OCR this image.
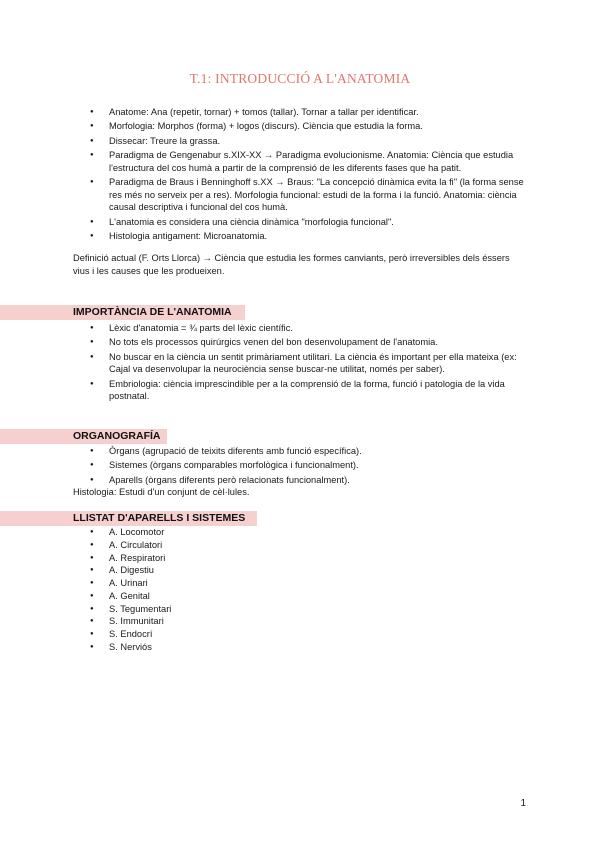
T.1: INTRODUCCIÓ A L'ANATOMIA
● Anatome: Ana (repetir, tornar) + tomos (tallar). Tornar a tallar per identificar.
● Morfologia: Morphos (forma) + logos (discurs). Ciència que estudia la forma.
● Dissecar: Treure la grassa.
● Paradigma de Gengenabur s.XIX-XX → Paradigma evolucionisme. Anatomia: Ciència que estudia l'estructura del cos humà a partir de la comprensió de les diferents fases que ha patit.
● Paradigma de Braus i Benninghoff s.XX → Braus: "La concepció dinàmica evita la fi" (la forma sense res més no serveix per a res). Morfologia funcional: estudi de la forma i la funció. Anatomia: ciència causal descriptiva i funcional del cos humà.
● L'anatomia es considera una ciència dinàmica "morfologia funcional".
● Histologia antigament: Microanatomia.
Definició actual (F. Orts Llorca) → Ciència que estudia les formes canviants, però irreversibles dels éssers vius i les causes que les produeixen.
IMPORTÀNCIA DE L'ANATOMIA
● Lèxic d'anatomia = ¾ parts del lèxic científic.
● No tots els processos quirúrgics venen del bon desenvolupament de l'anatomia.
● No buscar en la ciència un sentit primàriament utilitari. La ciència és important per ella mateixa (ex: Cajal va desenvolupar la neurociència sense buscar-ne utilitat, només per saber).
● Embriologia: ciència imprescindible per a la comprensió de la forma, funció i patologia de la vida postnatal.
ORGANOGRAFÍA
● Òrgans (agrupació de teixits diferents amb funció específica).
● Sistemes (òrgans comparables morfològica i funcionalment).
● Aparells (òrgans diferents però relacionats funcionalment).
Histologia: Estudi d'un conjunt de cèl·lules.
LLISTAT D'APARELLS I SISTEMES
● A. Locomotor
● A. Circulatori
● A. Respiratori
● A. Digestiu
● A. Urinari
● A. Genital
● S. Tegumentari
● S. Immunitari
● S. Endocrí
● S. Nerviós
1
